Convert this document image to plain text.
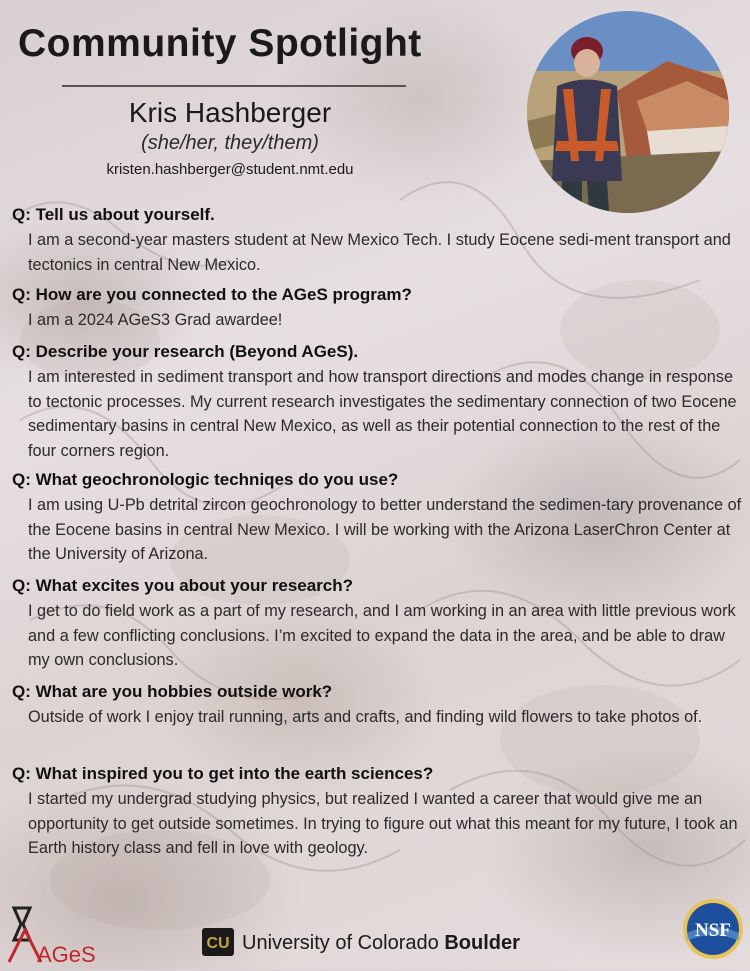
Community Spotlight
Kris Hashberger
(she/her, they/them)
kristen.hashberger@student.nmt.edu

Q: Tell us about yourself.

I am a second-year masters student at New Mexico Tech. I study Eocene sedi-ment transport and tectonics in central New Mexico.

Q: How are you connected to the AGeS program?

I am a 2024 AGeS3 Grad awardee!

Q: Describe your research (Beyond AGeS).

I am interested in sediment transport and how transport directions and modes change in response to tectonic processes. My current research investigates the sedimentary connection of two Eocene sedimentary basins in central New Mexico, as well as their potential connection to the rest of the four corners region.

Q: What geochronologic techniqes do you use?

I am using U-Pb detrital zircon geochronology to better understand the sedimen-tary provenance of the Eocene basins in central New Mexico. I will be working with the Arizona LaserChron Center at the University of Arizona.

Q: What excites you about your research?

I get to do field work as a part of my research, and I am working in an area with little previous work and a few conflicting conclusions. I’m excited to expand the data in the area, and be able to draw my own conclusions.

Q: What are you hobbies outside work?

Outside of work I enjoy trail running, arts and crafts, and finding wild flowers to take photos of.

Q: What inspired you to get into the earth sciences?

I started my undergrad studying physics, but realized I wanted a career that would give me an opportunity to get outside sometimes. In trying to figure out what this meant for my future, I took an Earth history class and fell in love with geology.

AGeS	CU University of Colorado Boulder
NSF
